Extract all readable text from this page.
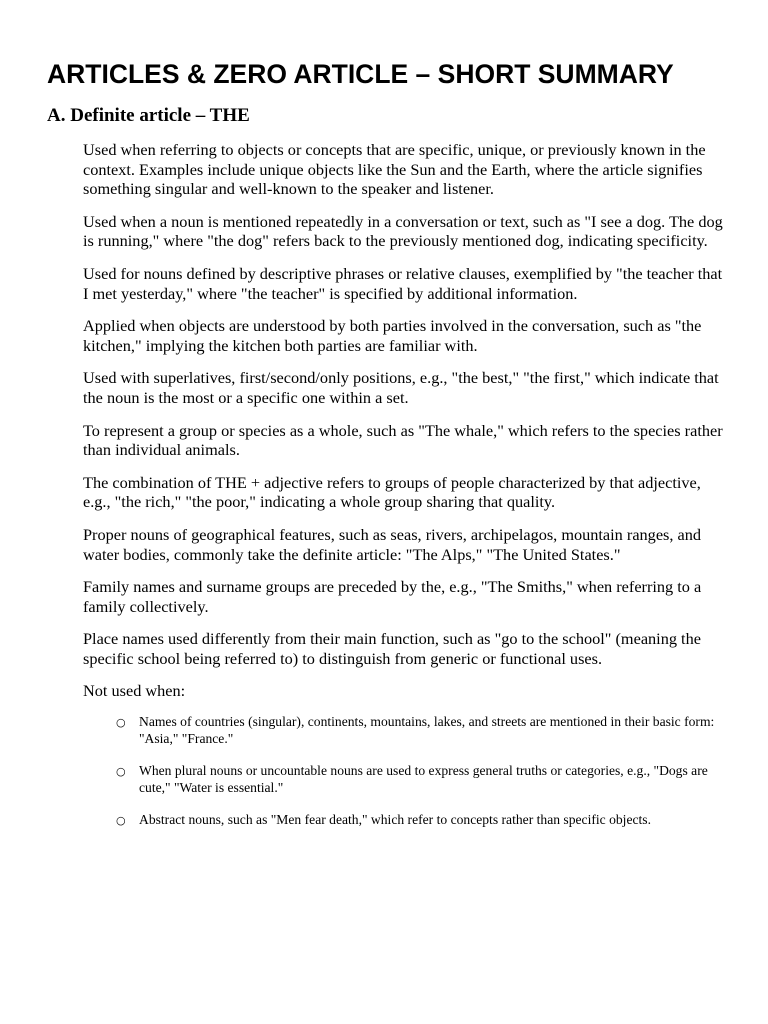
ARTICLES & ZERO ARTICLE – SHORT SUMMARY
A. Definite article – THE

Used when referring to objects or concepts that are specific, unique, or previously known in the context. Examples include unique objects like the Sun and the Earth, where the article signifies something singular and well-known to the speaker and listener.

Used when a noun is mentioned repeatedly in a conversation or text, such as "I see a dog. The dog is running," where "the dog" refers back to the previously mentioned dog, indicating specificity.

Used for nouns defined by descriptive phrases or relative clauses, exemplified by "the teacher that I met yesterday," where "the teacher" is specified by additional information.

Applied when objects are understood by both parties involved in the conversation, such as "the kitchen," implying the kitchen both parties are familiar with.

Used with superlatives, first/second/only positions, e.g., "the best," "the first," which indicate that the noun is the most or a specific one within a set.

To represent a group or species as a whole, such as "The whale," which refers to the species rather than individual animals.

The combination of THE + adjective refers to groups of people characterized by that adjective, e.g., "the rich," "the poor," indicating a whole group sharing that quality.

Proper nouns of geographical features, such as seas, rivers, archipelagos, mountain ranges, and water bodies, commonly take the definite article: "The Alps," "The United States."

Family names and surname groups are preceded by the, e.g., "The Smiths," when referring to a family collectively.

Place names used differently from their main function, such as "go to the school" (meaning the specific school being referred to) to distinguish from generic or functional uses.

Not used when:

○ Names of countries (singular), continents, mountains, lakes, and streets are mentioned in their basic form: "Asia," "France."
○ When plural nouns or uncountable nouns are used to express general truths or categories, e.g., "Dogs are cute," "Water is essential."
○ Abstract nouns, such as "Men fear death," which refer to concepts rather than specific objects.
